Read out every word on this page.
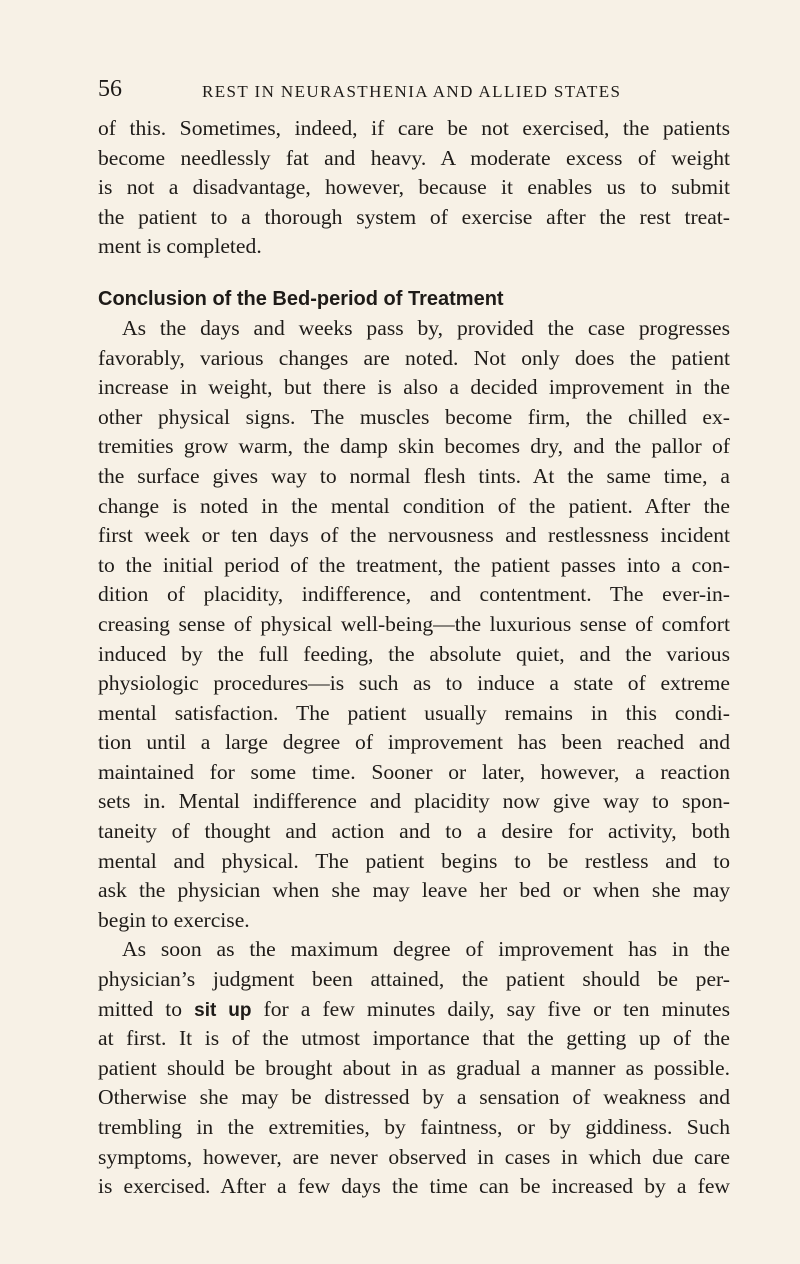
56	REST IN NEURASTHENIA AND ALLIED STATES
of this. Sometimes, indeed, if care be not exercised, the patients
become needlessly fat and heavy. A moderate excess of weight
is not a disadvantage, however, because it enables us to submit
the patient to a thorough system of exercise after the rest treat-
ment is completed.
Conclusion of the Bed-period of Treatment
As the days and weeks pass by, provided the case progresses
favorably, various changes are noted. Not only does the patient
increase in weight, but there is also a decided improvement in the
other physical signs. The muscles become firm, the chilled ex-
tremities grow warm, the damp skin becomes dry, and the pallor of
the surface gives way to normal flesh tints. At the same time, a
change is noted in the mental condition of the patient. After the
first week or ten days of the nervousness and restlessness incident
to the initial period of the treatment, the patient passes into a con-
dition of placidity, indifference, and contentment. The ever-in-
creasing sense of physical well-being—the luxurious sense of comfort
induced by the full feeding, the absolute quiet, and the various
physiologic procedures—is such as to induce a state of extreme
mental satisfaction. The patient usually remains in this condi-
tion until a large degree of improvement has been reached and
maintained for some time. Sooner or later, however, a reaction
sets in. Mental indifference and placidity now give way to spon-
taneity of thought and action and to a desire for activity, both
mental and physical. The patient begins to be restless and to
ask the physician when she may leave her bed or when she may
begin to exercise.
As soon as the maximum degree of improvement has in the
physician’s judgment been attained, the patient should be per-
mitted to sit up for a few minutes daily, say five or ten minutes
at first. It is of the utmost importance that the getting up of the
patient should be brought about in as gradual a manner as possible.
Otherwise she may be distressed by a sensation of weakness and
trembling in the extremities, by faintness, or by giddiness. Such
symptoms, however, are never observed in cases in which due care
is exercised. After a few days the time can be increased by a few
